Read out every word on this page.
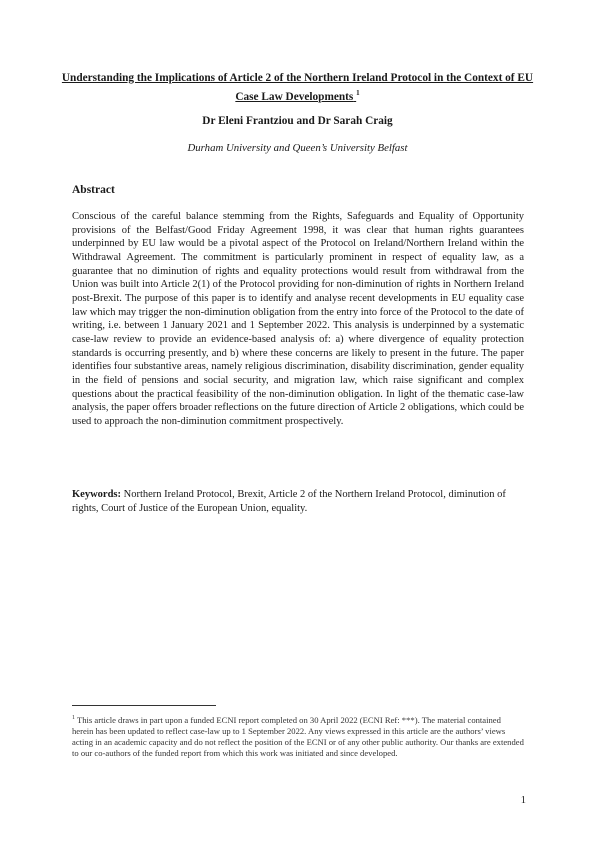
Understanding the Implications of Article 2 of the Northern Ireland Protocol in the Context of EU Case Law Developments $^1$
Dr Eleni Frantziou and Dr Sarah Craig
Durham University and Queen’s University Belfast
Abstract

Conscious of the careful balance stemming from the Rights, Safeguards and Equality of Opportunity provisions of the Belfast/Good Friday Agreement 1998, it was clear that human rights guarantees underpinned by EU law would be a pivotal aspect of the Protocol on Ireland/Northern Ireland within the Withdrawal Agreement. The commitment is particularly prominent in respect of equality law, as a guarantee that no diminution of rights and equality protections would result from withdrawal from the Union was built into Article 2(1) of the Protocol providing for non-diminution of rights in Northern Ireland post-Brexit. The purpose of this paper is to identify and analyse recent developments in EU equality case law which may trigger the non-diminution obligation from the entry into force of the Protocol to the date of writing, i.e. between 1 January 2021 and 1 September 2022. This analysis is underpinned by a systematic case-law review to provide an evidence-based analysis of: a) where divergence of equality protection standards is occurring presently, and b) where these concerns are likely to present in the future. The paper identifies four substantive areas, namely religious discrimination, disability discrimination, gender equality in the field of pensions and social security, and migration law, which raise significant and complex questions about the practical feasibility of the non-diminution obligation. In light of the thematic case-law analysis, the paper offers broader reflections on the future direction of Article 2 obligations, which could be used to approach the non-diminution commitment prospectively.

Keywords: Northern Ireland Protocol, Brexit, Article 2 of the Northern Ireland Protocol, diminution of rights, Court of Justice of the European Union, equality.

$^1$ This article draws in part upon a funded ECNI report completed on 30 April 2022 (ECNI Ref: ***). The material contained herein has been updated to reflect case-law up to 1 September 2022. Any views expressed in this article are the authors’ views acting in an academic capacity and do not reflect the position of the ECNI or of any other public authority. Our thanks are extended to our co-authors of the funded report from which this work was initiated and since developed.

1
